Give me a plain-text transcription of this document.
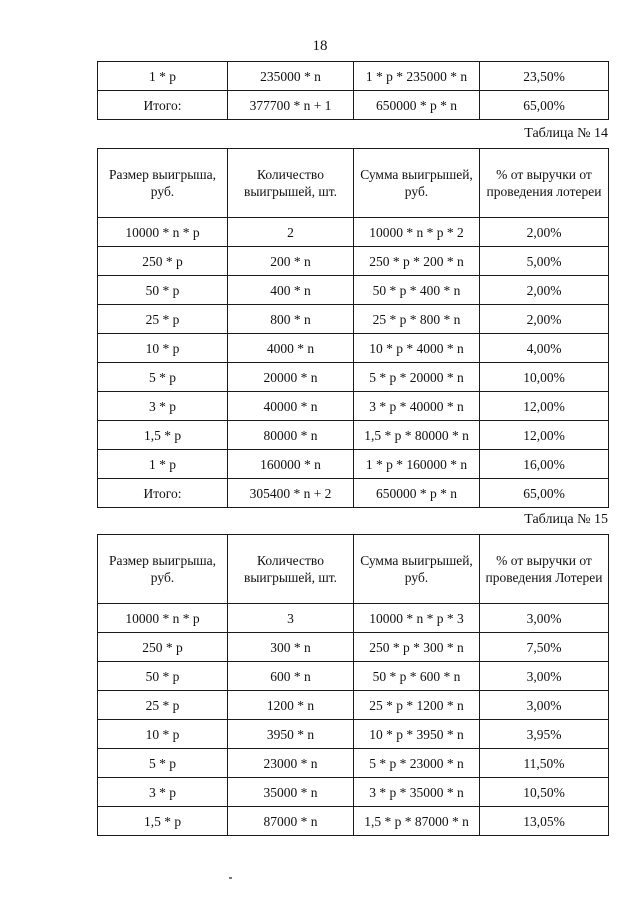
18
1 * p	235000 * n	1 * p * 235000 * n	23,50%
Итого:	377700 * n + 1	650000 * p * n	65,00%
Таблица № 14
Размер выигрыша, руб.	Количество выигрышей, шт.	Сумма выигрышей, руб.	% от выручки от проведения лотереи
10000 * n * p	2	10000 * n * p * 2	2,00%
250 * p	200 * n	250 * p * 200 * n	5,00%
50 * p	400 * n	50 * p * 400 * n	2,00%
25 * p	800 * n	25 * p * 800 * n	2,00%
10 * p	4000 * n	10 * p * 4000 * n	4,00%
5 * p	20000 * n	5 * p * 20000 * n	10,00%
3 * p	40000 * n	3 * p * 40000 * n	12,00%
1,5 * p	80000 * n	1,5 * p * 80000 * n	12,00%
1 * p	160000 * n	1 * p * 160000 * n	16,00%
Итого:	305400 * n + 2	650000 * p * n	65,00%
Таблица № 15
Размер выигрыша, руб.	Количество выигрышей, шт.	Сумма выигрышей, руб.	% от выручки от проведения Лотереи
10000 * n * p	3	10000 * n * p * 3	3,00%
250 * p	300 * n	250 * p * 300 * n	7,50%
50 * p	600 * n	50 * p * 600 * n	3,00%
25 * p	1200 * n	25 * p * 1200 * n	3,00%
10 * p	3950 * n	10 * p * 3950 * n	3,95%
5 * p	23000 * n	5 * p * 23000 * n	11,50%
3 * p	35000 * n	3 * p * 35000 * n	10,50%
1,5 * p	87000 * n	1,5 * p * 87000 * n	13,05%
